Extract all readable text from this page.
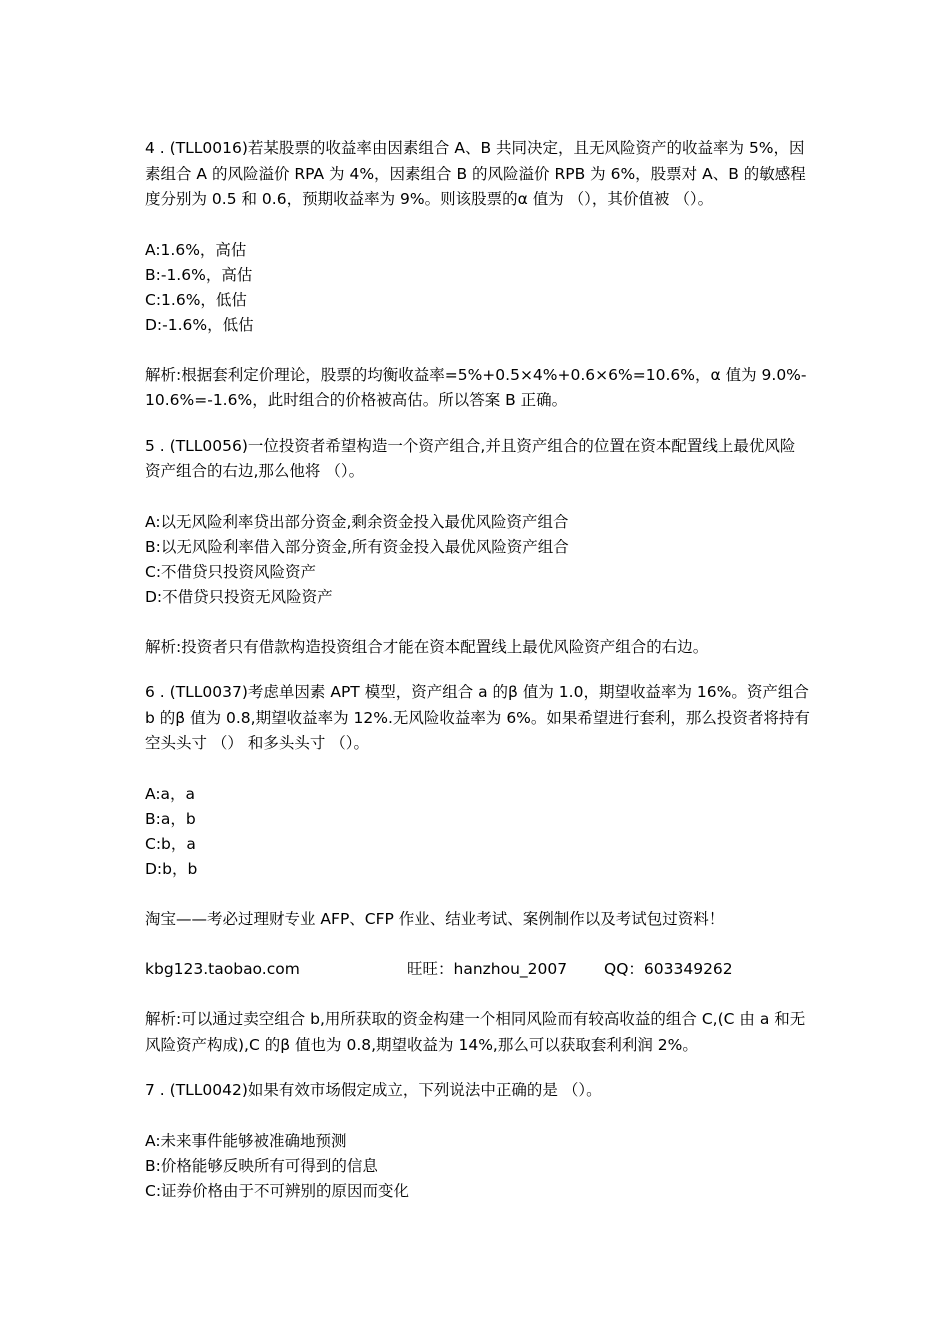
4 . (TLL0016)若某股票的收益率由因素组合 A、B 共同决定，且无风险资产的收益率为 5%，因素组合 A 的风险溢价 RPA 为 4%，因素组合 B 的风险溢价 RPB 为 6%，股票对 A、B 的敏感程度分别为 0.5 和 0.6，预期收益率为 9%。则该股票的α 值为 （），其价值被 （）。

A:1.6%，高估

B:-1.6%，高估

C:1.6%，低估

D:-1.6%，低估

解析:根据套利定价理论，股票的均衡收益率=5%+0.5×4%+0.6×6%=10.6%，α 值为 9.0%-10.6%=-1.6%，此时组合的价格被高估。所以答案 B 正确。

5 . (TLL0056)一位投资者希望构造一个资产组合,并且资产组合的位置在资本配置线上最优风险资产组合的右边,那么他将 （）。

A:以无风险利率贷出部分资金,剩余资金投入最优风险资产组合

B:以无风险利率借入部分资金,所有资金投入最优风险资产组合

C:不借贷只投资风险资产

D:不借贷只投资无风险资产

解析:投资者只有借款构造投资组合才能在资本配置线上最优风险资产组合的右边。

6 . (TLL0037)考虑单因素 APT 模型，资产组合 a 的β 值为 1.0，期望收益率为 16%。资产组合 b 的β 值为 0.8,期望收益率为 12%.无风险收益率为 6%。如果希望进行套利，那么投资者将持有空头头寸 （） 和多头头寸 （）。

A:a，a

B:a，b

C:b，a

D:b，b

淘宝——考必过理财专业 AFP、CFP 作业、结业考试、案例制作以及考试包过资料！

kbg123.taobao.com	旺旺：hanzhou_2007	QQ：603349262

解析:可以通过卖空组合 b,用所获取的资金构建一个相同风险而有较高收益的组合 C,(C 由 a 和无风险资产构成),C 的β 值也为 0.8,期望收益为 14%,那么可以获取套利利润 2%。

7 . (TLL0042)如果有效市场假定成立，下列说法中正确的是 （）。

A:未来事件能够被准确地预测

B:价格能够反映所有可得到的信息

C:证券价格由于不可辨别的原因而变化
